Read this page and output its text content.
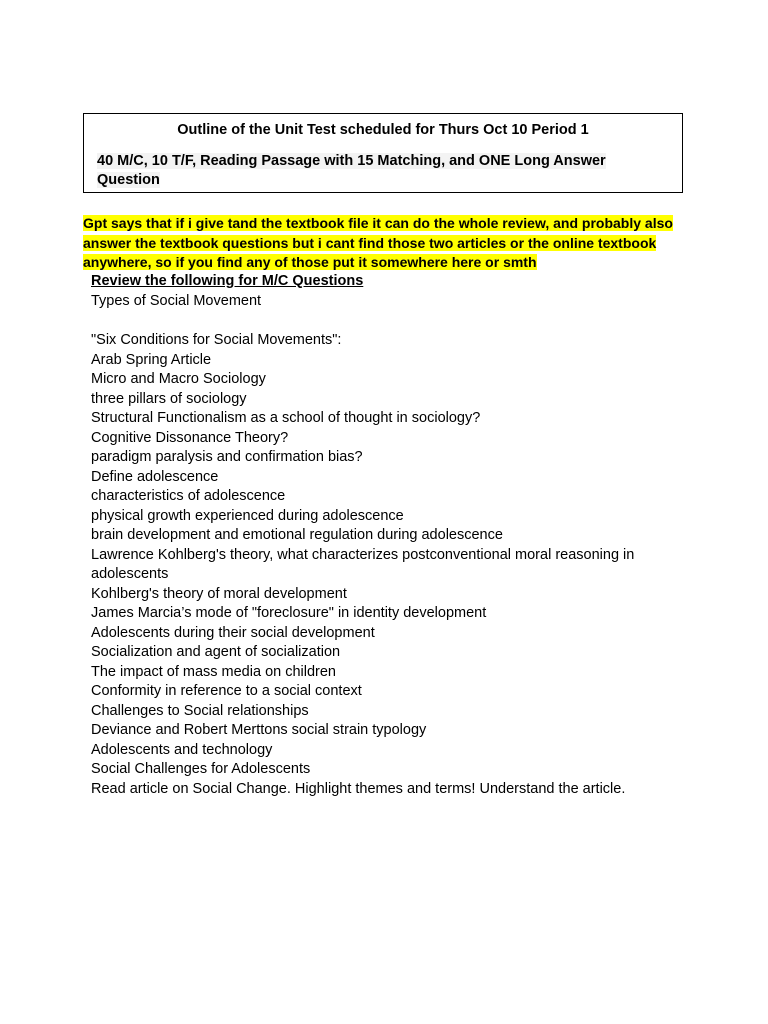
Outline of the Unit Test scheduled for Thurs Oct 10 Period 1
40 M/C, 10 T/F, Reading Passage with 15 Matching, and ONE Long Answer Question
Gpt says that if i give tand the textbook file it can do the whole review, and probably also answer the textbook questions but i cant find those two articles or the online textbook anywhere, so if you find any of those put it somewhere here or smth
Review the following for M/C Questions
Types of Social Movement
"Six Conditions for Social Movements":
Arab Spring Article
Micro and Macro Sociology
three pillars of sociology
Structural Functionalism as a school of thought in sociology?
Cognitive Dissonance Theory?
paradigm paralysis and confirmation bias?
Define adolescence
characteristics of adolescence
physical growth experienced during adolescence
brain development and emotional regulation during adolescence
Lawrence Kohlberg's theory, what characterizes postconventional moral reasoning in adolescents
Kohlberg's theory of moral development
James Marcia’s mode of "foreclosure" in identity development
Adolescents during their social development
Socialization and agent of socialization
The impact of mass media on children
Conformity in reference to a social context
Challenges to Social relationships
Deviance and Robert Merttons social strain typology
Adolescents and technology
Social Challenges for Adolescents
Read article on Social Change. Highlight themes and terms! Understand the article.
